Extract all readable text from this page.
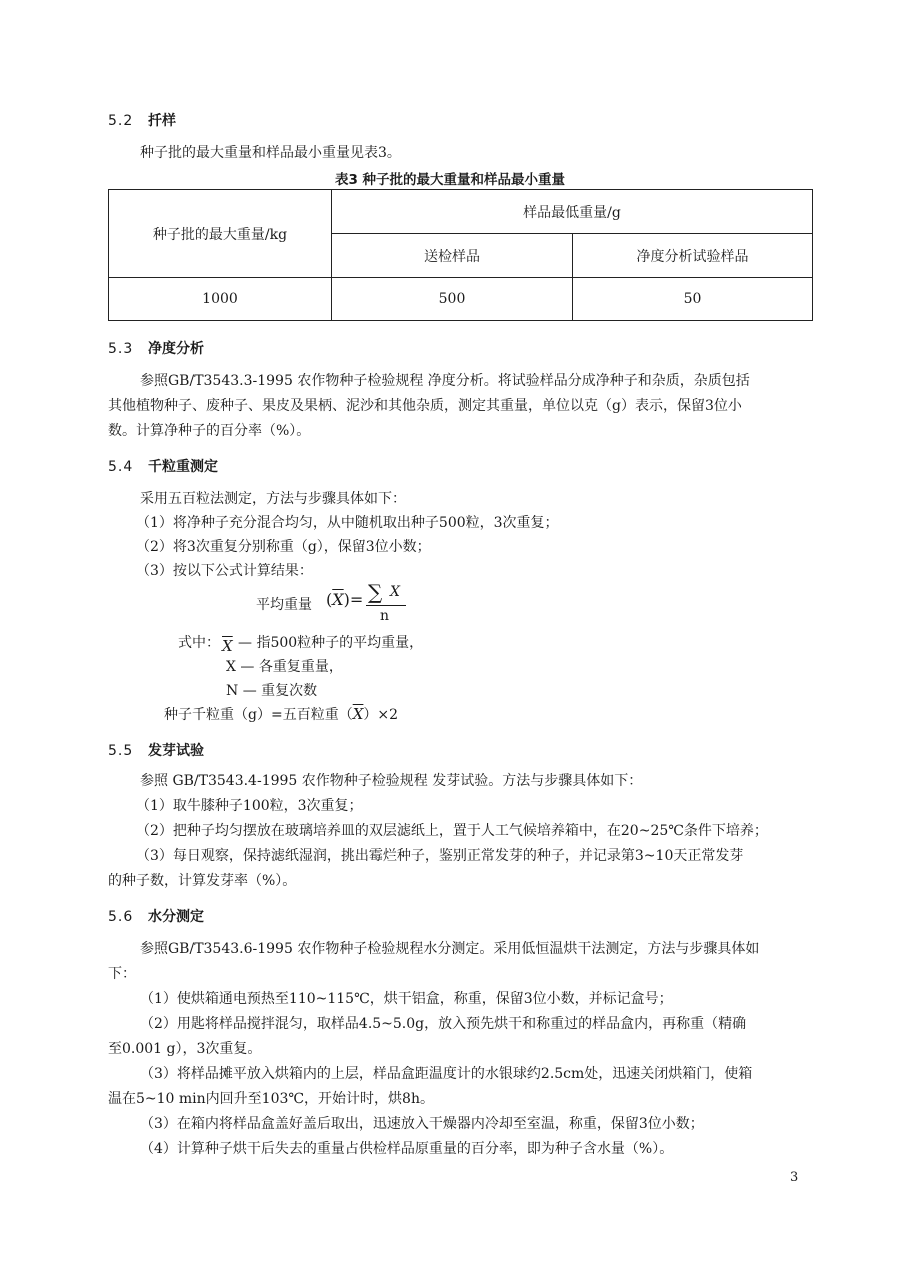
5.2 扦样
种子批的最大重量和样品最小重量见表3。
表3 种子批的最大重量和样品最小重量
种子批的最大重量/kg	样品最低重量/g	
	送检样品	净度分析试验样品
1000	500	50
5.3 净度分析
参照GB/T3543.3-1995 农作物种子检验规程 净度分析。将试验样品分成净种子和杂质，杂质包括
其他植物种子、废种子、果皮及果柄、泥沙和其他杂质，测定其重量，单位以克（g）表示，保留3位小
数。计算净种子的百分率（%）。
5.4 千粒重测定
采用五百粒法测定，方法与步骤具体如下：
（1）将净种子充分混合均匀，从中随机取出种子500粒，3次重复；
（2）将3次重复分别称重（g），保留3位小数；
（3）按以下公式计算结果：
平均重量 $(\overline{X})=$ ∑ X
n
式中： $\overline{X}$ — 指500粒种子的平均重量，
X — 各重复重量，
N — 重复次数
种子千粒重（g）=五百粒重$(\overline{X})\times 2$
5.5 发芽试验
参照 GB/T3543.4-1995 农作物种子检验规程 发芽试验。方法与步骤具体如下：
（1）取牛膝种子100粒，3次重复；
（2）把种子均匀摆放在玻璃培养皿的双层滤纸上，置于人工气候培养箱中，在20~25℃条件下培养；
（3）每日观察，保持滤纸湿润，挑出霉烂种子，鉴别正常发芽的种子，并记录第3~10天正常发芽
的种子数，计算发芽率（%）。
5.6 水分测定
参照GB/T3543.6-1995 农作物种子检验规程水分测定。采用低恒温烘干法测定，方法与步骤具体如
下：
（1）使烘箱通电预热至110~115℃，烘干铝盒，称重，保留3位小数，并标记盒号；
（2）用匙将样品搅拌混匀，取样品4.5~5.0g，放入预先烘干和称重过的样品盒内，再称重（精确
至0.001 g），3次重复。
（3）将样品摊平放入烘箱内的上层，样品盒距温度计的水银球约2.5cm处，迅速关闭烘箱门，使箱
温在5~10 min内回升至103℃，开始计时，烘8h。
（3）在箱内将样品盒盖好盖后取出，迅速放入干燥器内冷却至室温，称重，保留3位小数；
（4）计算种子烘干后失去的重量占供检样品原重量的百分率，即为种子含水量（%）。
3
